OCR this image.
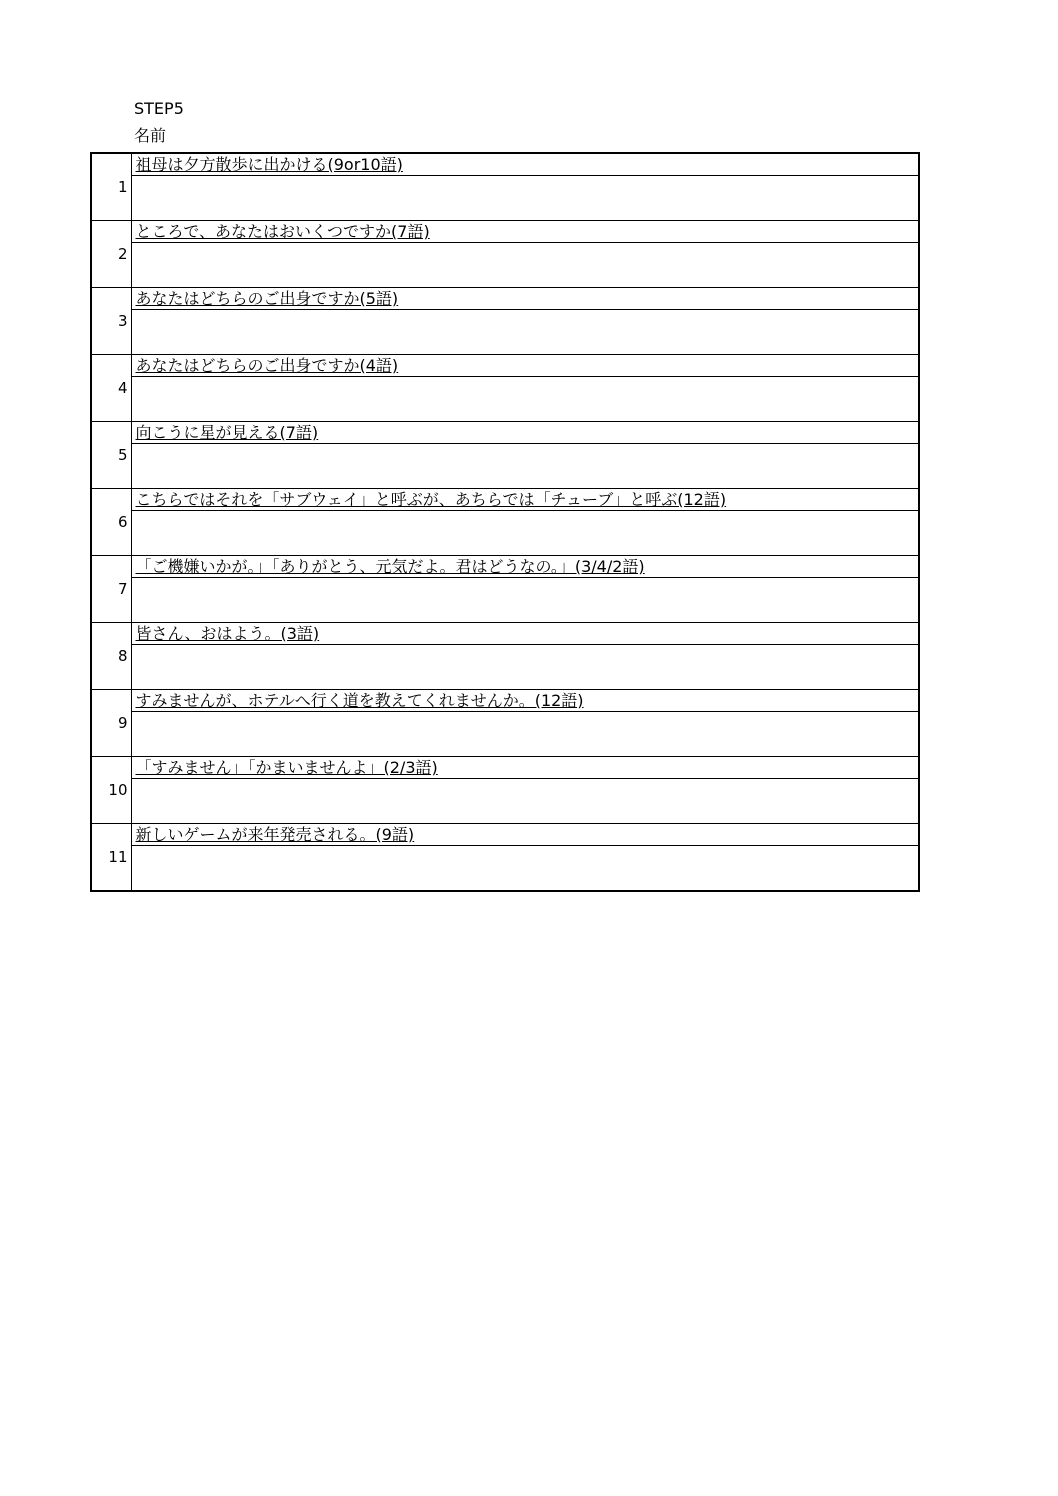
STEP5
名前
1	祖母は夕方散歩に出かける(9or10語)

2	ところで、あなたはおいくつですか(7語)

3	あなたはどちらのご出身ですか(5語)

4	あなたはどちらのご出身ですか(4語)

5	向こうに星が見える(7語)

6	こちらではそれを「サブウェイ」と呼ぶが、あちらでは「チューブ」と呼ぶ(12語)

7	「ご機嫌いかが。」「ありがとう、元気だよ。君はどうなの。」(3/4/2語)

8	皆さん、おはよう。(3語)

9	すみませんが、ホテルへ行く道を教えてくれませんか。(12語)

10	「すみません」「かまいませんよ」(2/3語)

11	新しいゲームが来年発売される。(9語)
